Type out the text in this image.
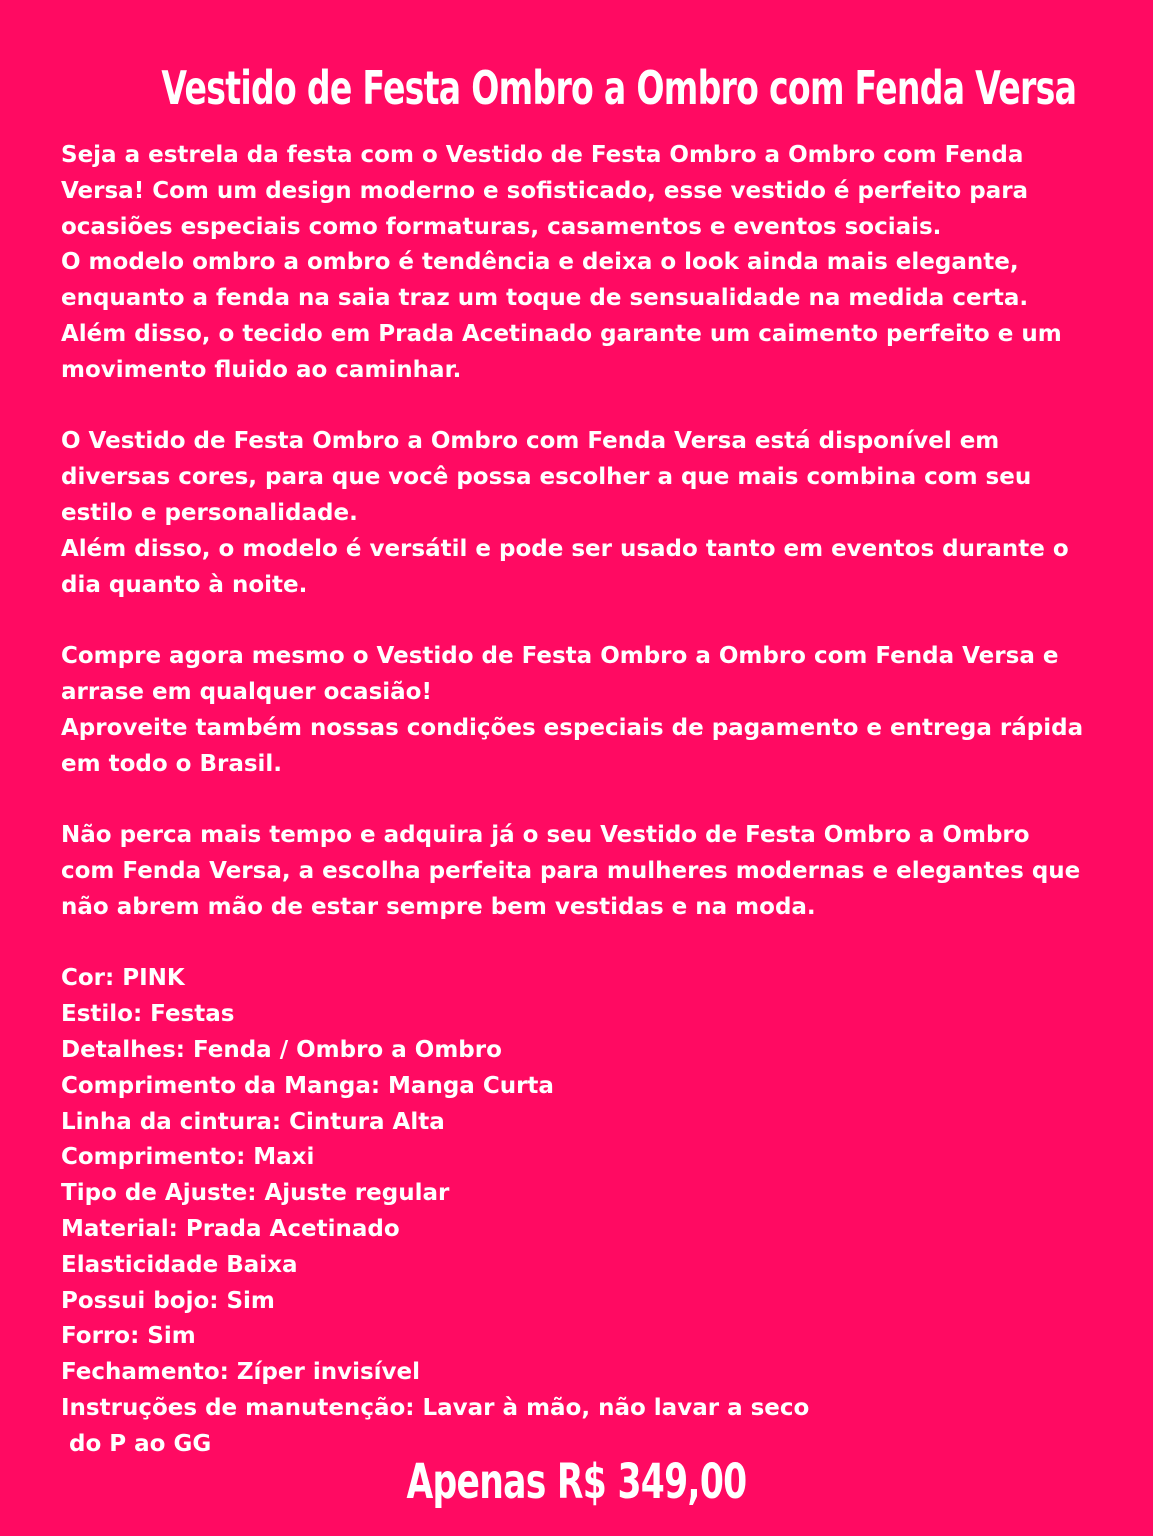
Vestido de Festa Ombro a Ombro com Fenda Versa
Seja a estrela da festa com o Vestido de Festa Ombro a Ombro com Fenda
Versa! Com um design moderno e sofisticado, esse vestido é perfeito para
ocasiões especiais como formaturas, casamentos e eventos sociais.
O modelo ombro a ombro é tendência e deixa o look ainda mais elegante,
enquanto a fenda na saia traz um toque de sensualidade na medida certa.
Além disso, o tecido em Prada Acetinado garante um caimento perfeito e um
movimento fluido ao caminhar.
O Vestido de Festa Ombro a Ombro com Fenda Versa está disponível em
diversas cores, para que você possa escolher a que mais combina com seu
estilo e personalidade.
Além disso, o modelo é versátil e pode ser usado tanto em eventos durante o
dia quanto à noite.
Compre agora mesmo o Vestido de Festa Ombro a Ombro com Fenda Versa e
arrase em qualquer ocasião!
Aproveite também nossas condições especiais de pagamento e entrega rápida
em todo o Brasil.
Não perca mais tempo e adquira já o seu Vestido de Festa Ombro a Ombro
com Fenda Versa, a escolha perfeita para mulheres modernas e elegantes que
não abrem mão de estar sempre bem vestidas e na moda.
Cor: PINK
Estilo: Festas
Detalhes: Fenda / Ombro a Ombro
Comprimento da Manga: Manga Curta
Linha da cintura: Cintura Alta
Comprimento: Maxi
Tipo de Ajuste: Ajuste regular
Material: Prada Acetinado
Elasticidade Baixa
Possui bojo: Sim
Forro: Sim
Fechamento: Zíper invisível
Instruções de manutenção: Lavar à mão, não lavar a seco
do P ao GG
Apenas R$ 349,00
